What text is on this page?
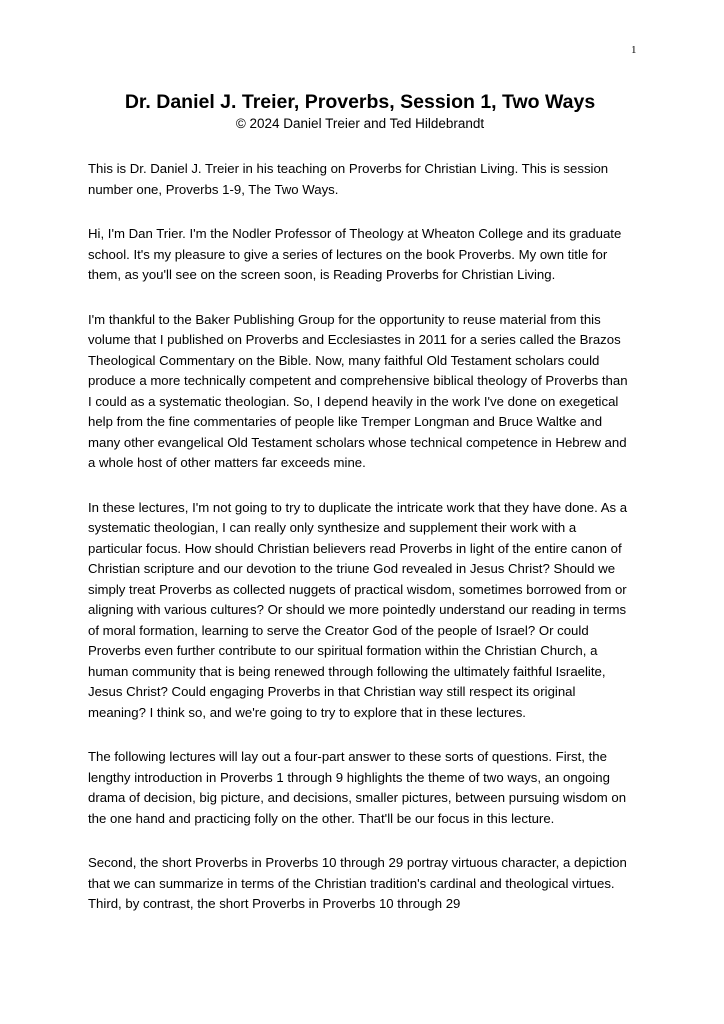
1
Dr. Daniel J. Treier, Proverbs, Session 1, Two Ways

© 2024 Daniel Treier and Ted Hildebrandt

This is Dr. Daniel J. Treier in his teaching on Proverbs for Christian Living. This is session number one, Proverbs 1-9, The Two Ways.

Hi, I'm Dan Trier. I'm the Nodler Professor of Theology at Wheaton College and its graduate school. It's my pleasure to give a series of lectures on the book Proverbs. My own title for them, as you'll see on the screen soon, is Reading Proverbs for Christian Living.

I'm thankful to the Baker Publishing Group for the opportunity to reuse material from this volume that I published on Proverbs and Ecclesiastes in 2011 for a series called the Brazos Theological Commentary on the Bible. Now, many faithful Old Testament scholars could produce a more technically competent and comprehensive biblical theology of Proverbs than I could as a systematic theologian. So, I depend heavily in the work I've done on exegetical help from the fine commentaries of people like Tremper Longman and Bruce Waltke and many other evangelical Old Testament scholars whose technical competence in Hebrew and a whole host of other matters far exceeds mine.

In these lectures, I'm not going to try to duplicate the intricate work that they have done. As a systematic theologian, I can really only synthesize and supplement their work with a particular focus. How should Christian believers read Proverbs in light of the entire canon of Christian scripture and our devotion to the triune God revealed in Jesus Christ? Should we simply treat Proverbs as collected nuggets of practical wisdom, sometimes borrowed from or aligning with various cultures? Or should we more pointedly understand our reading in terms of moral formation, learning to serve the Creator God of the people of Israel? Or could Proverbs even further contribute to our spiritual formation within the Christian Church, a human community that is being renewed through following the ultimately faithful Israelite, Jesus Christ? Could engaging Proverbs in that Christian way still respect its original meaning? I think so, and we're going to try to explore that in these lectures.

The following lectures will lay out a four-part answer to these sorts of questions. First, the lengthy introduction in Proverbs 1 through 9 highlights the theme of two ways, an ongoing drama of decision, big picture, and decisions, smaller pictures, between pursuing wisdom on the one hand and practicing folly on the other. That'll be our focus in this lecture.

Second, the short Proverbs in Proverbs 10 through 29 portray virtuous character, a depiction that we can summarize in terms of the Christian tradition's cardinal and theological virtues. Third, by contrast, the short Proverbs in Proverbs 10 through 29
